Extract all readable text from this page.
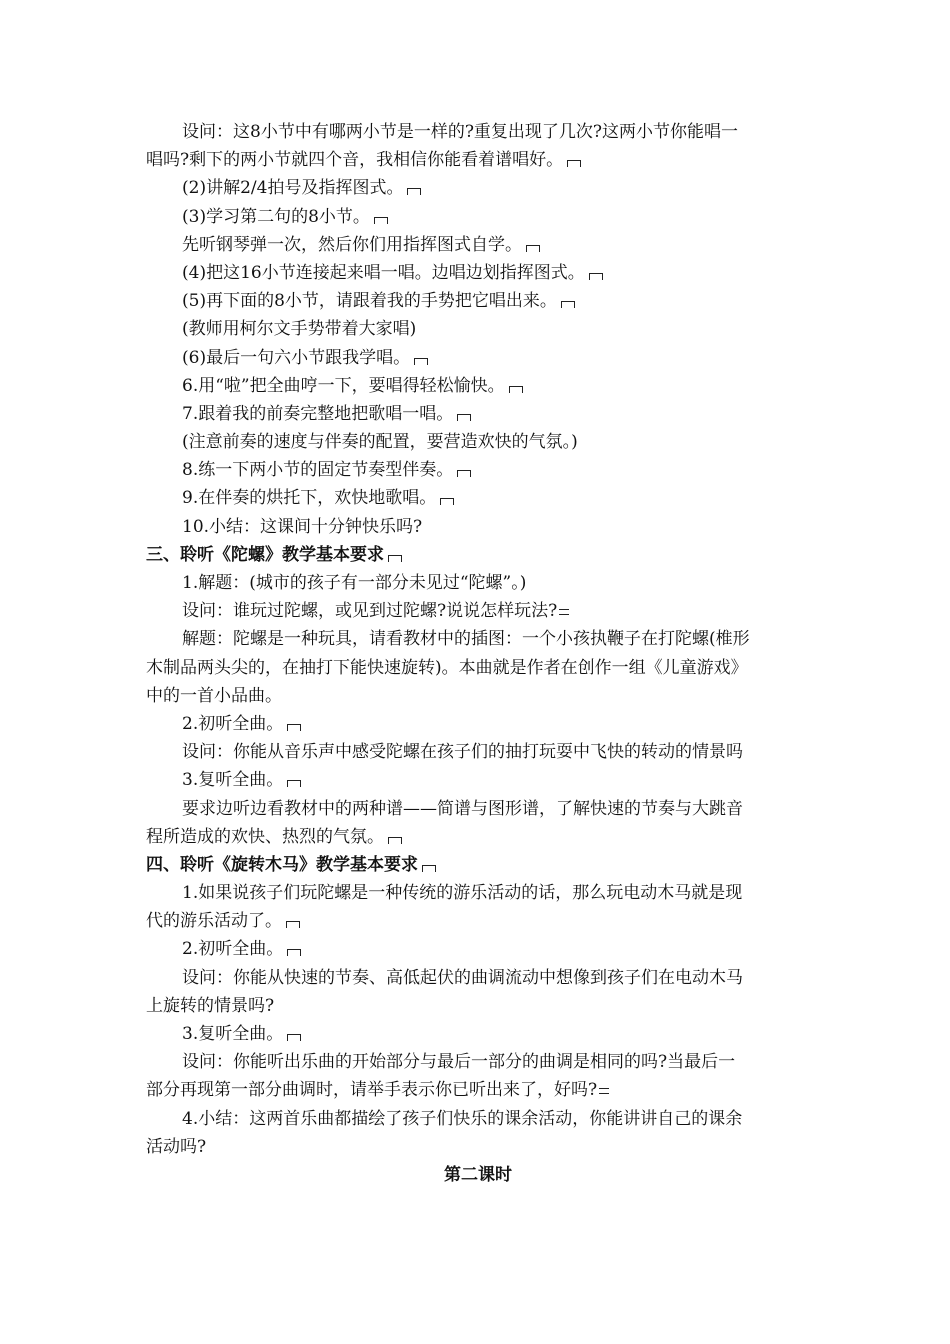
设问：这8小节中有哪两小节是一样的?重复出现了几次?这两小节你能唱一
唱吗?剩下的两小节就四个音，我相信你能看着谱唱好。
(2)讲解2/4拍号及指挥图式。
(3)学习第二句的8小节。
先听钢琴弹一次，然后你们用指挥图式自学。
(4)把这16小节连接起来唱一唱。边唱边划指挥图式。
(5)再下面的8小节，请跟着我的手势把它唱出来。
(教师用柯尔文手势带着大家唱)
(6)最后一句六小节跟我学唱。
6.用“啦”把全曲哼一下，要唱得轻松愉快。
7.跟着我的前奏完整地把歌唱一唱。
(注意前奏的速度与伴奏的配置，要营造欢快的气氛。)
8.练一下两小节的固定节奏型伴奏。
9.在伴奏的烘托下，欢快地歌唱。
10.小结：这课间十分钟快乐吗?
三、聆听《陀螺》教学基本要求
1.解题：(城市的孩子有一部分未见过“陀螺”。)
设问：谁玩过陀螺，或见到过陀螺?说说怎样玩法?
解题：陀螺是一种玩具，请看教材中的插图：一个小孩执鞭子在打陀螺(椎形
木制品两头尖的，在抽打下能快速旋转)。本曲就是作者在创作一组《儿童游戏》
中的一首小品曲。
2.初听全曲。
设问：你能从音乐声中感受陀螺在孩子们的抽打玩耍中飞快的转动的情景吗
3.复听全曲。
要求边听边看教材中的两种谱——简谱与图形谱，了解快速的节奏与大跳音
程所造成的欢快、热烈的气氛。
四、聆听《旋转木马》教学基本要求
1.如果说孩子们玩陀螺是一种传统的游乐活动的话，那么玩电动木马就是现
代的游乐活动了。
2.初听全曲。
设问：你能从快速的节奏、高低起伏的曲调流动中想像到孩子们在电动木马
上旋转的情景吗?
3.复听全曲。
设问：你能听出乐曲的开始部分与最后一部分的曲调是相同的吗?当最后一
部分再现第一部分曲调时，请举手表示你已听出来了，好吗?
4.小结：这两首乐曲都描绘了孩子们快乐的课余活动，你能讲讲自己的课余
活动吗?
第二课时
